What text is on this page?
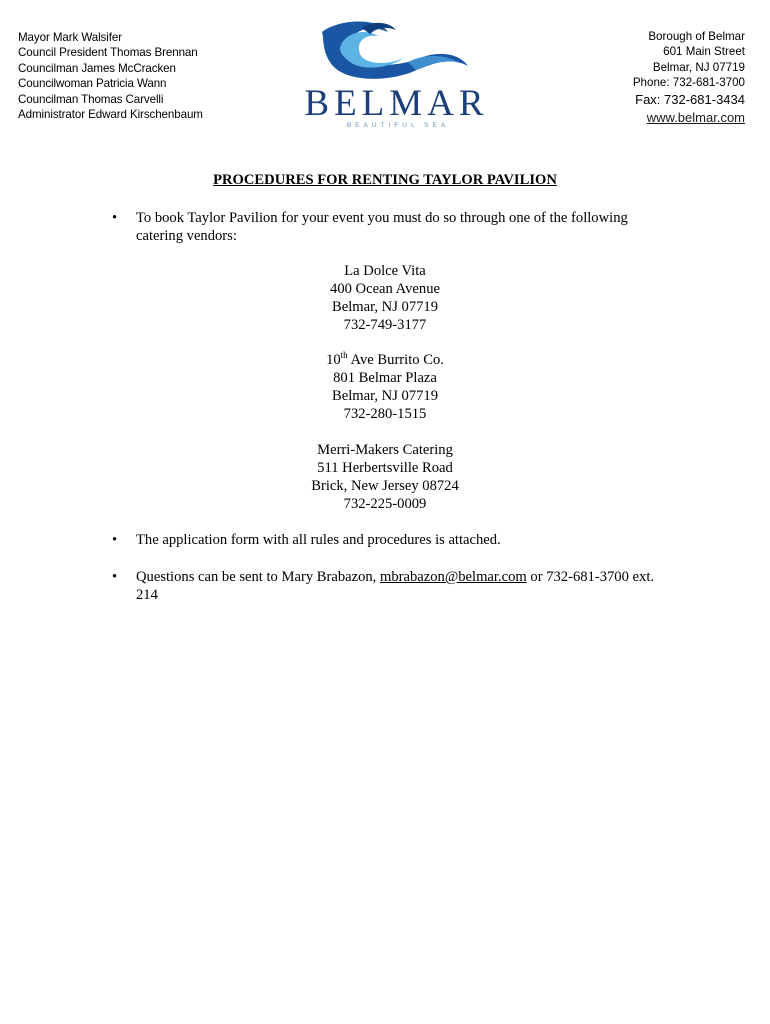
Mayor Mark Walsifer
Council President Thomas Brennan
Councilman James McCracken
Councilwoman Patricia Wann
Councilman Thomas Carvelli
Administrator Edward Kirschenbaum	BELMAR
BEAUTIFUL SEA
Borough of Belmar
601 Main Street
Belmar, NJ 07719
Phone: 732-681-3700
Fax: 732-681-3434
www.belmar.com
PROCEDURES FOR RENTING TAYLOR PAVILION
• To book Taylor Pavilion for your event you must do so through one of the following
catering vendors:
La Dolce Vita
400 Ocean Avenue
Belmar, NJ 07719
732-749-3177
10th Ave Burrito Co.
801 Belmar Plaza
Belmar, NJ 07719
732-280-1515
Merri-Makers Catering
511 Herbertsville Road
Brick, New Jersey 08724
732-225-0009
• The application form with all rules and procedures is attached.
• Questions can be sent to Mary Brabazon, mbrabazon@belmar.com or 732-681-3700 ext.
214
